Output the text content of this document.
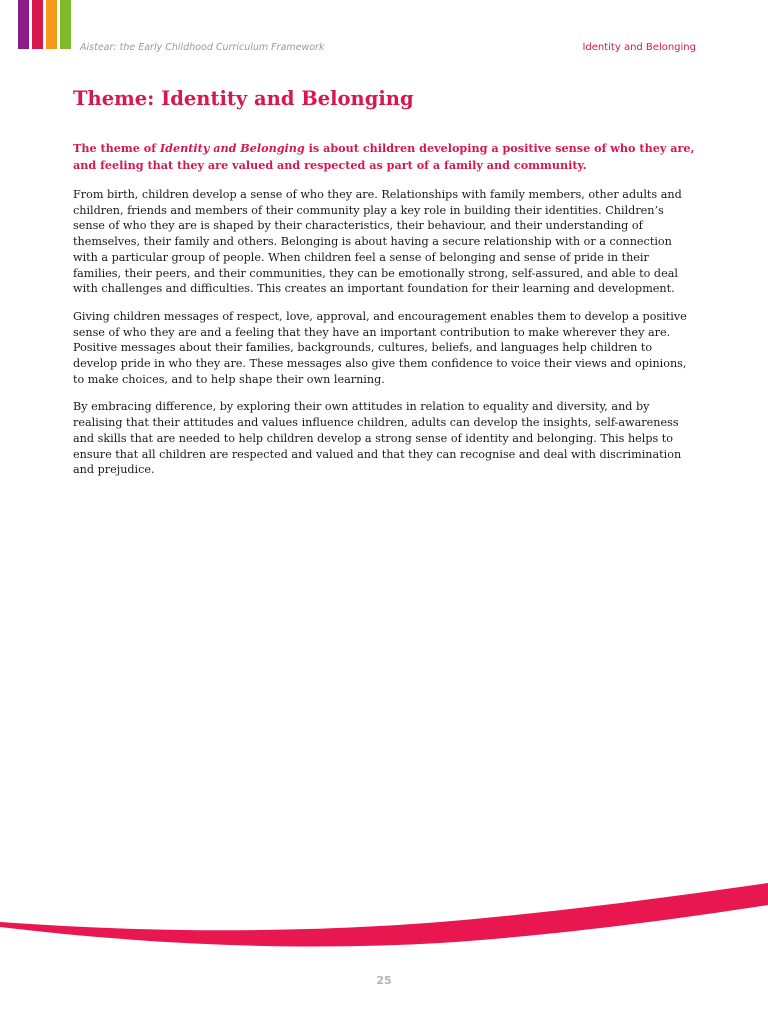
Aistear: the Early Childhood Curriculum Framework	Identity and Belonging
Theme: Identity and Belonging

The theme of Identity and Belonging is about children developing a positive sense of who they are, and feeling that they are valued and respected as part of a family and community.

From birth, children develop a sense of who they are. Relationships with family members, other adults and children, friends and members of their community play a key role in building their identities. Children’s sense of who they are is shaped by their characteristics, their behaviour, and their understanding of themselves, their family and others. Belonging is about having a secure relationship with or a connection with a particular group of people. When children feel a sense of belonging and sense of pride in their families, their peers, and their communities, they can be emotionally strong, self-assured, and able to deal with challenges and difficulties. This creates an important foundation for their learning and development.

Giving children messages of respect, love, approval, and encouragement enables them to develop a positive sense of who they are and a feeling that they have an important contribution to make wherever they are. Positive messages about their families, backgrounds, cultures, beliefs, and languages help children to develop pride in who they are. These messages also give them confidence to voice their views and opinions, to make choices, and to help shape their own learning.

By embracing difference, by exploring their own attitudes in relation to equality and diversity, and by realising that their attitudes and values influence children, adults can develop the insights, self-awareness and skills that are needed to help children develop a strong sense of identity and belonging. This helps to ensure that all children are respected and valued and that they can recognise and deal with discrimination and prejudice.

25
